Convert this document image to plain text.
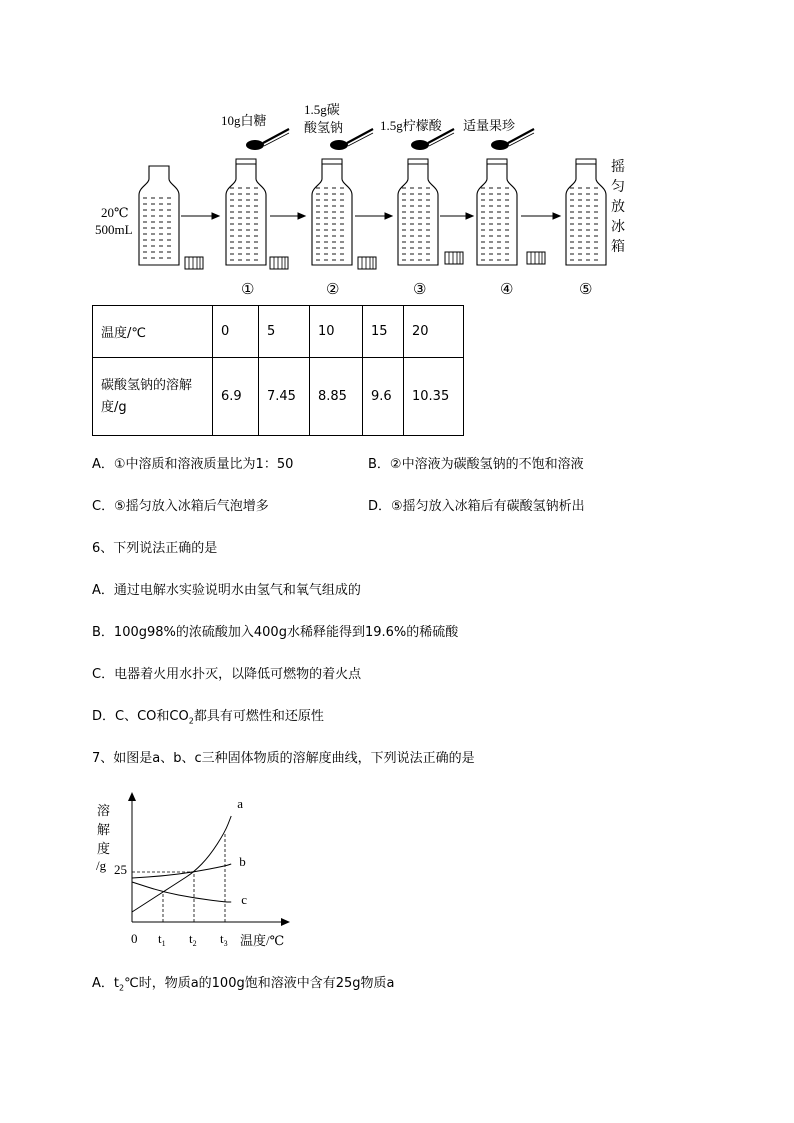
10g白糖
1.5g碳
酸氢钠	1.5g柠檬酸 适量果珍
20℃
500mL
①	②	③	④	⑤
摇
匀
放
冰
箱
温度/℃	0	5	10	15	20

碳酸氢钠的溶解度/g	6.9	7.45	8.85	9.6	10.35
A．①中溶质和溶液质量比为1：50	B．②中溶液为碳酸氢钠的不饱和溶液
C．⑤摇匀放入冰箱后气泡增多	D．⑤摇匀放入冰箱后有碳酸氢钠析出
6、下列说法正确的是
A．通过电解水实验说明水由氢气和氧气组成的
B．100g98%的浓硫酸加入400g水稀释能得到19.6%的稀硫酸
C．电器着火用水扑灭，以降低可燃物的着火点
D．C、CO和$CO_2$都具有可燃性和还原性
7、如图是a、b、c三种固体物质的溶解度曲线，下列说法正确的是
溶
解
度
/g 25
0 $t_1$ $t_2$ $t_3$ 温度/℃
a
b
c
A．$t_2℃$时，物质a的100g饱和溶液中含有25g物质a
